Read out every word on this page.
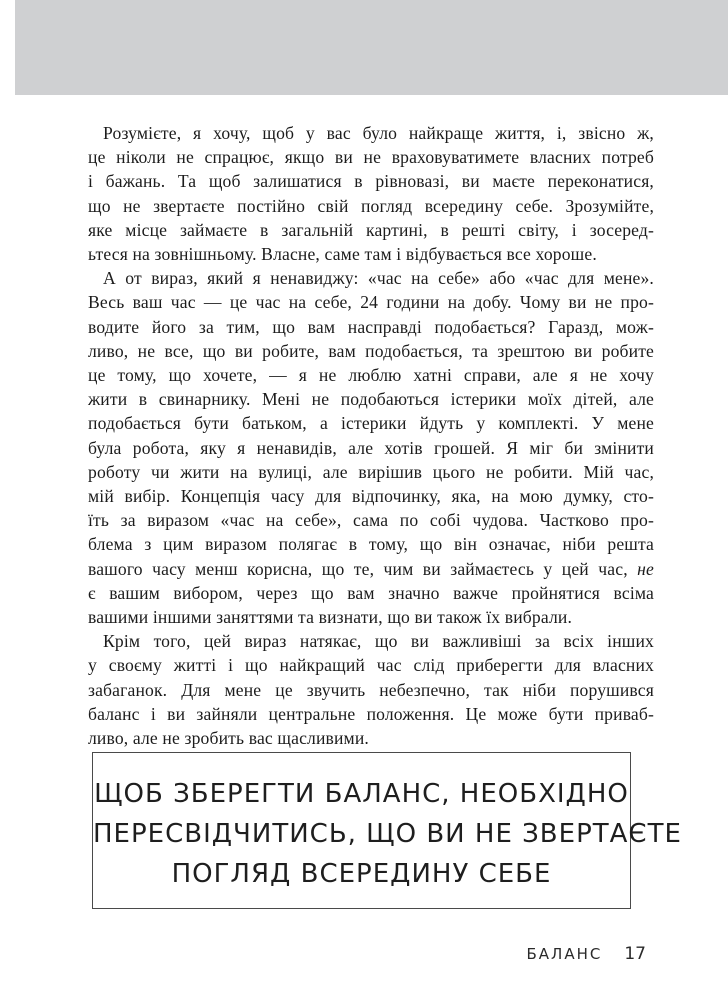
Розумієте, я хочу, щоб у вас було найкраще життя, і, звісно ж,
це ніколи не спрацює, якщо ви не враховуватимете власних потреб
і бажань. Та щоб залишатися в рівновазі, ви маєте переконатися,
що не звертаєте постійно свій погляд всередину себе. Зрозумійте,
яке місце займаєте в загальній картині, в решті світу, і зосеред-
ьтеся на зовнішньому. Власне, саме там і відбувається все хороше.

А от вираз, який я ненавиджу: «час на себе» або «час для мене».
Весь ваш час — це час на себе, 24 години на добу. Чому ви не про-
водите його за тим, що вам насправді подобається? Гаразд, мож-
ливо, не все, що ви робите, вам подобається, та зрештою ви робите
це тому, що хочете, — я не люблю хатні справи, але я не хочу
жити в свинарнику. Мені не подобаються істерики моїх дітей, але
подобається бути батьком, а істерики йдуть у комплекті. У мене
була робота, яку я ненавидів, але хотів грошей. Я міг би змінити
роботу чи жити на вулиці, але вирішив цього не робити. Мій час,
мій вибір. Концепція часу для відпочинку, яка, на мою думку, сто-
їть за виразом «час на себе», сама по собі чудова. Частково про-
блема з цим виразом полягає в тому, що він означає, ніби решта
вашого часу менш корисна, що те, чим ви займаєтесь у цей час, не
є вашим вибором, через що вам значно важче пройнятися всіма
вашими іншими заняттями та визнати, що ви також їх вибрали.

Крім того, цей вираз натякає, що ви важливіші за всіх інших
у своєму житті і що найкращий час слід приберегти для власних
забаганок. Для мене це звучить небезпечно, так ніби порушився
баланс і ви зайняли центральне положення. Це може бути приваб-
ливо, але не зробить вас щасливими.

ЩОБ ЗБЕРЕГТИ БАЛАНС, НЕОБХІДНО
ПЕРЕСВІДЧИТИСЬ, ЩО ВИ НЕ ЗВЕРТАЄТЕ
ПОГЛЯД ВСЕРЕДИНУ СЕБЕ
БАЛАНС 17
